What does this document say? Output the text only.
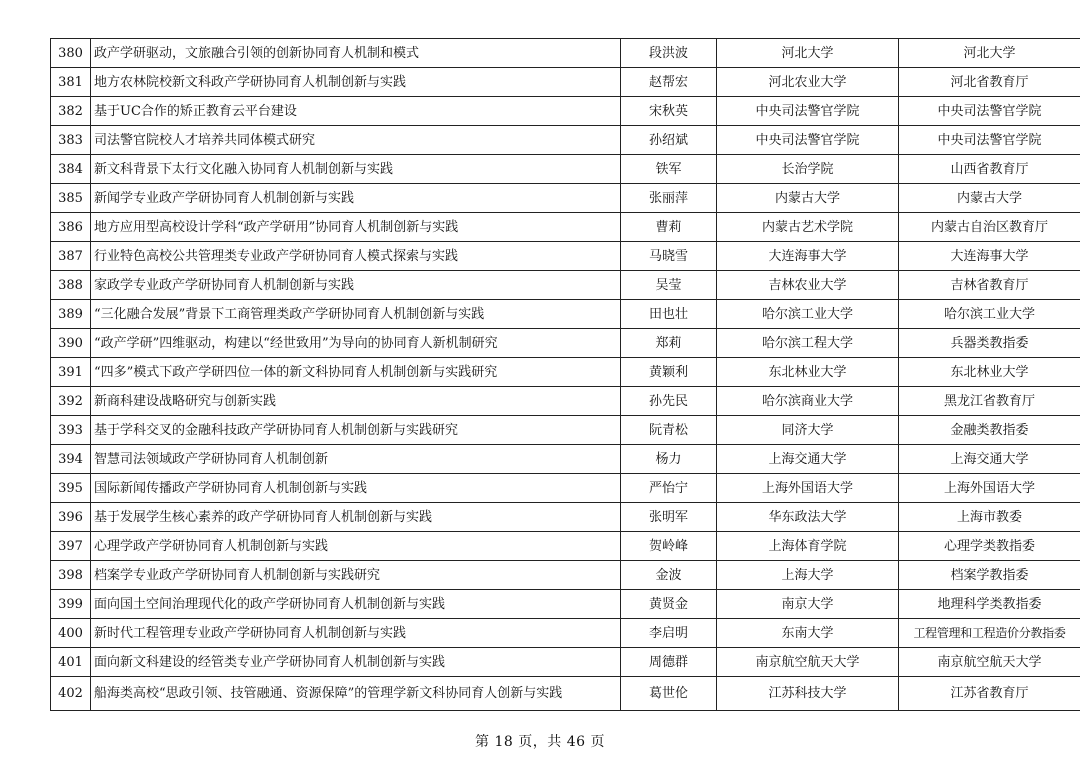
380	政产学研驱动，文旅融合引领的创新协同育人机制和模式	段洪波	河北大学	河北大学
381	地方农林院校新文科政产学研协同育人机制创新与实践	赵帮宏	河北农业大学	河北省教育厅
382	基于UC合作的矫正教育云平台建设	宋秋英	中央司法警官学院	中央司法警官学院
383	司法警官院校人才培养共同体模式研究	孙绍斌	中央司法警官学院	中央司法警官学院
384	新文科背景下太行文化融入协同育人机制创新与实践	铁军	长治学院	山西省教育厅
385	新闻学专业政产学研协同育人机制创新与实践	张丽萍	内蒙古大学	内蒙古大学
386	地方应用型高校设计学科“政产学研用”协同育人机制创新与实践	曹莉	内蒙古艺术学院	内蒙古自治区教育厅
387	行业特色高校公共管理类专业政产学研协同育人模式探索与实践	马晓雪	大连海事大学	大连海事大学
388	家政学专业政产学研协同育人机制创新与实践	吴莹	吉林农业大学	吉林省教育厅
389	“三化融合发展”背景下工商管理类政产学研协同育人机制创新与实践	田也壮	哈尔滨工业大学	哈尔滨工业大学
390	“政产学研”四维驱动，构建以“经世致用”为导向的协同育人新机制研究	郑莉	哈尔滨工程大学	兵器类教指委
391	“四多”模式下政产学研四位一体的新文科协同育人机制创新与实践研究	黄颖利	东北林业大学	东北林业大学
392	新商科建设战略研究与创新实践	孙先民	哈尔滨商业大学	黑龙江省教育厅
393	基于学科交叉的金融科技政产学研协同育人机制创新与实践研究	阮青松	同济大学	金融类教指委
394	智慧司法领域政产学研协同育人机制创新	杨力	上海交通大学	上海交通大学
395	国际新闻传播政产学研协同育人机制创新与实践	严怡宁	上海外国语大学	上海外国语大学
396	基于发展学生核心素养的政产学研协同育人机制创新与实践	张明军	华东政法大学	上海市教委
397	心理学政产学研协同育人机制创新与实践	贺岭峰	上海体育学院	心理学类教指委
398	档案学专业政产学研协同育人机制创新与实践研究	金波	上海大学	档案学教指委
399	面向国土空间治理现代化的政产学研协同育人机制创新与实践	黄贤金	南京大学	地理科学类教指委
400	新时代工程管理专业政产学研协同育人机制创新与实践	李启明	东南大学	工程管理和工程造价分教指委
401	面向新文科建设的经管类专业产学研协同育人机制创新与实践	周德群	南京航空航天大学	南京航空航天大学
402	船海类高校“思政引领、技管融通、资源保障”的管理学新文科协同育人创新与实践	葛世伦	江苏科技大学	江苏省教育厅
第 18 页，共 46 页
